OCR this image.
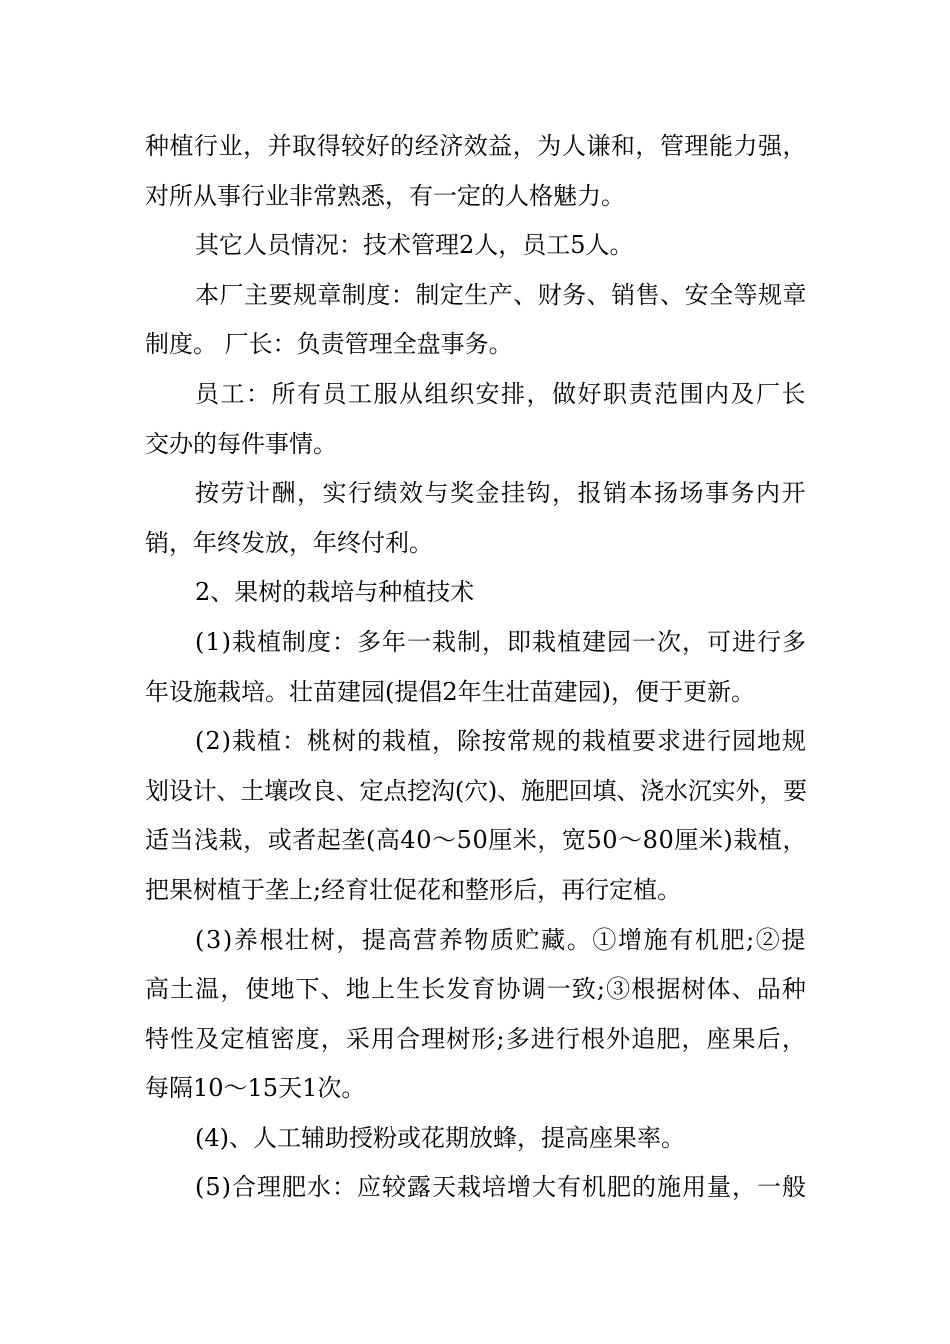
种植行业，并取得较好的经济效益，为人谦和，管理能力强，
对所从事行业非常熟悉，有一定的人格魅力。
其它人员情况：技术管理2人，员工5人。
本厂主要规章制度：制定生产、财务、销售、安全等规章
制度。 厂长：负责管理全盘事务。
员工：所有员工服从组织安排，做好职责范围内及厂长
交办的每件事情。
按劳计酬，实行绩效与奖金挂钩，报销本扬场事务内开
销，年终发放，年终付利。
2、果树的栽培与种植技术
(1)栽植制度：多年一栽制，即栽植建园一次，可进行多
年设施栽培。壮苗建园(提倡2年生壮苗建园)，便于更新。
(2)栽植：桃树的栽植，除按常规的栽植要求进行园地规
划设计、土壤改良、定点挖沟(穴)、施肥回填、浇水沉实外，要
适当浅栽，或者起垄(高40～50厘米，宽50～80厘米)栽植，
把果树植于垄上;经育壮促花和整形后，再行定植。
(3)养根壮树，提高营养物质贮藏。①增施有机肥;②提
高土温，使地下、地上生长发育协调一致;③根据树体、品种
特性及定植密度，采用合理树形;多进行根外追肥，座果后，
每隔10～15天1次。
(4)、人工辅助授粉或花期放蜂，提高座果率。
(5)合理肥水：应较露天栽培增大有机肥的施用量，一般
